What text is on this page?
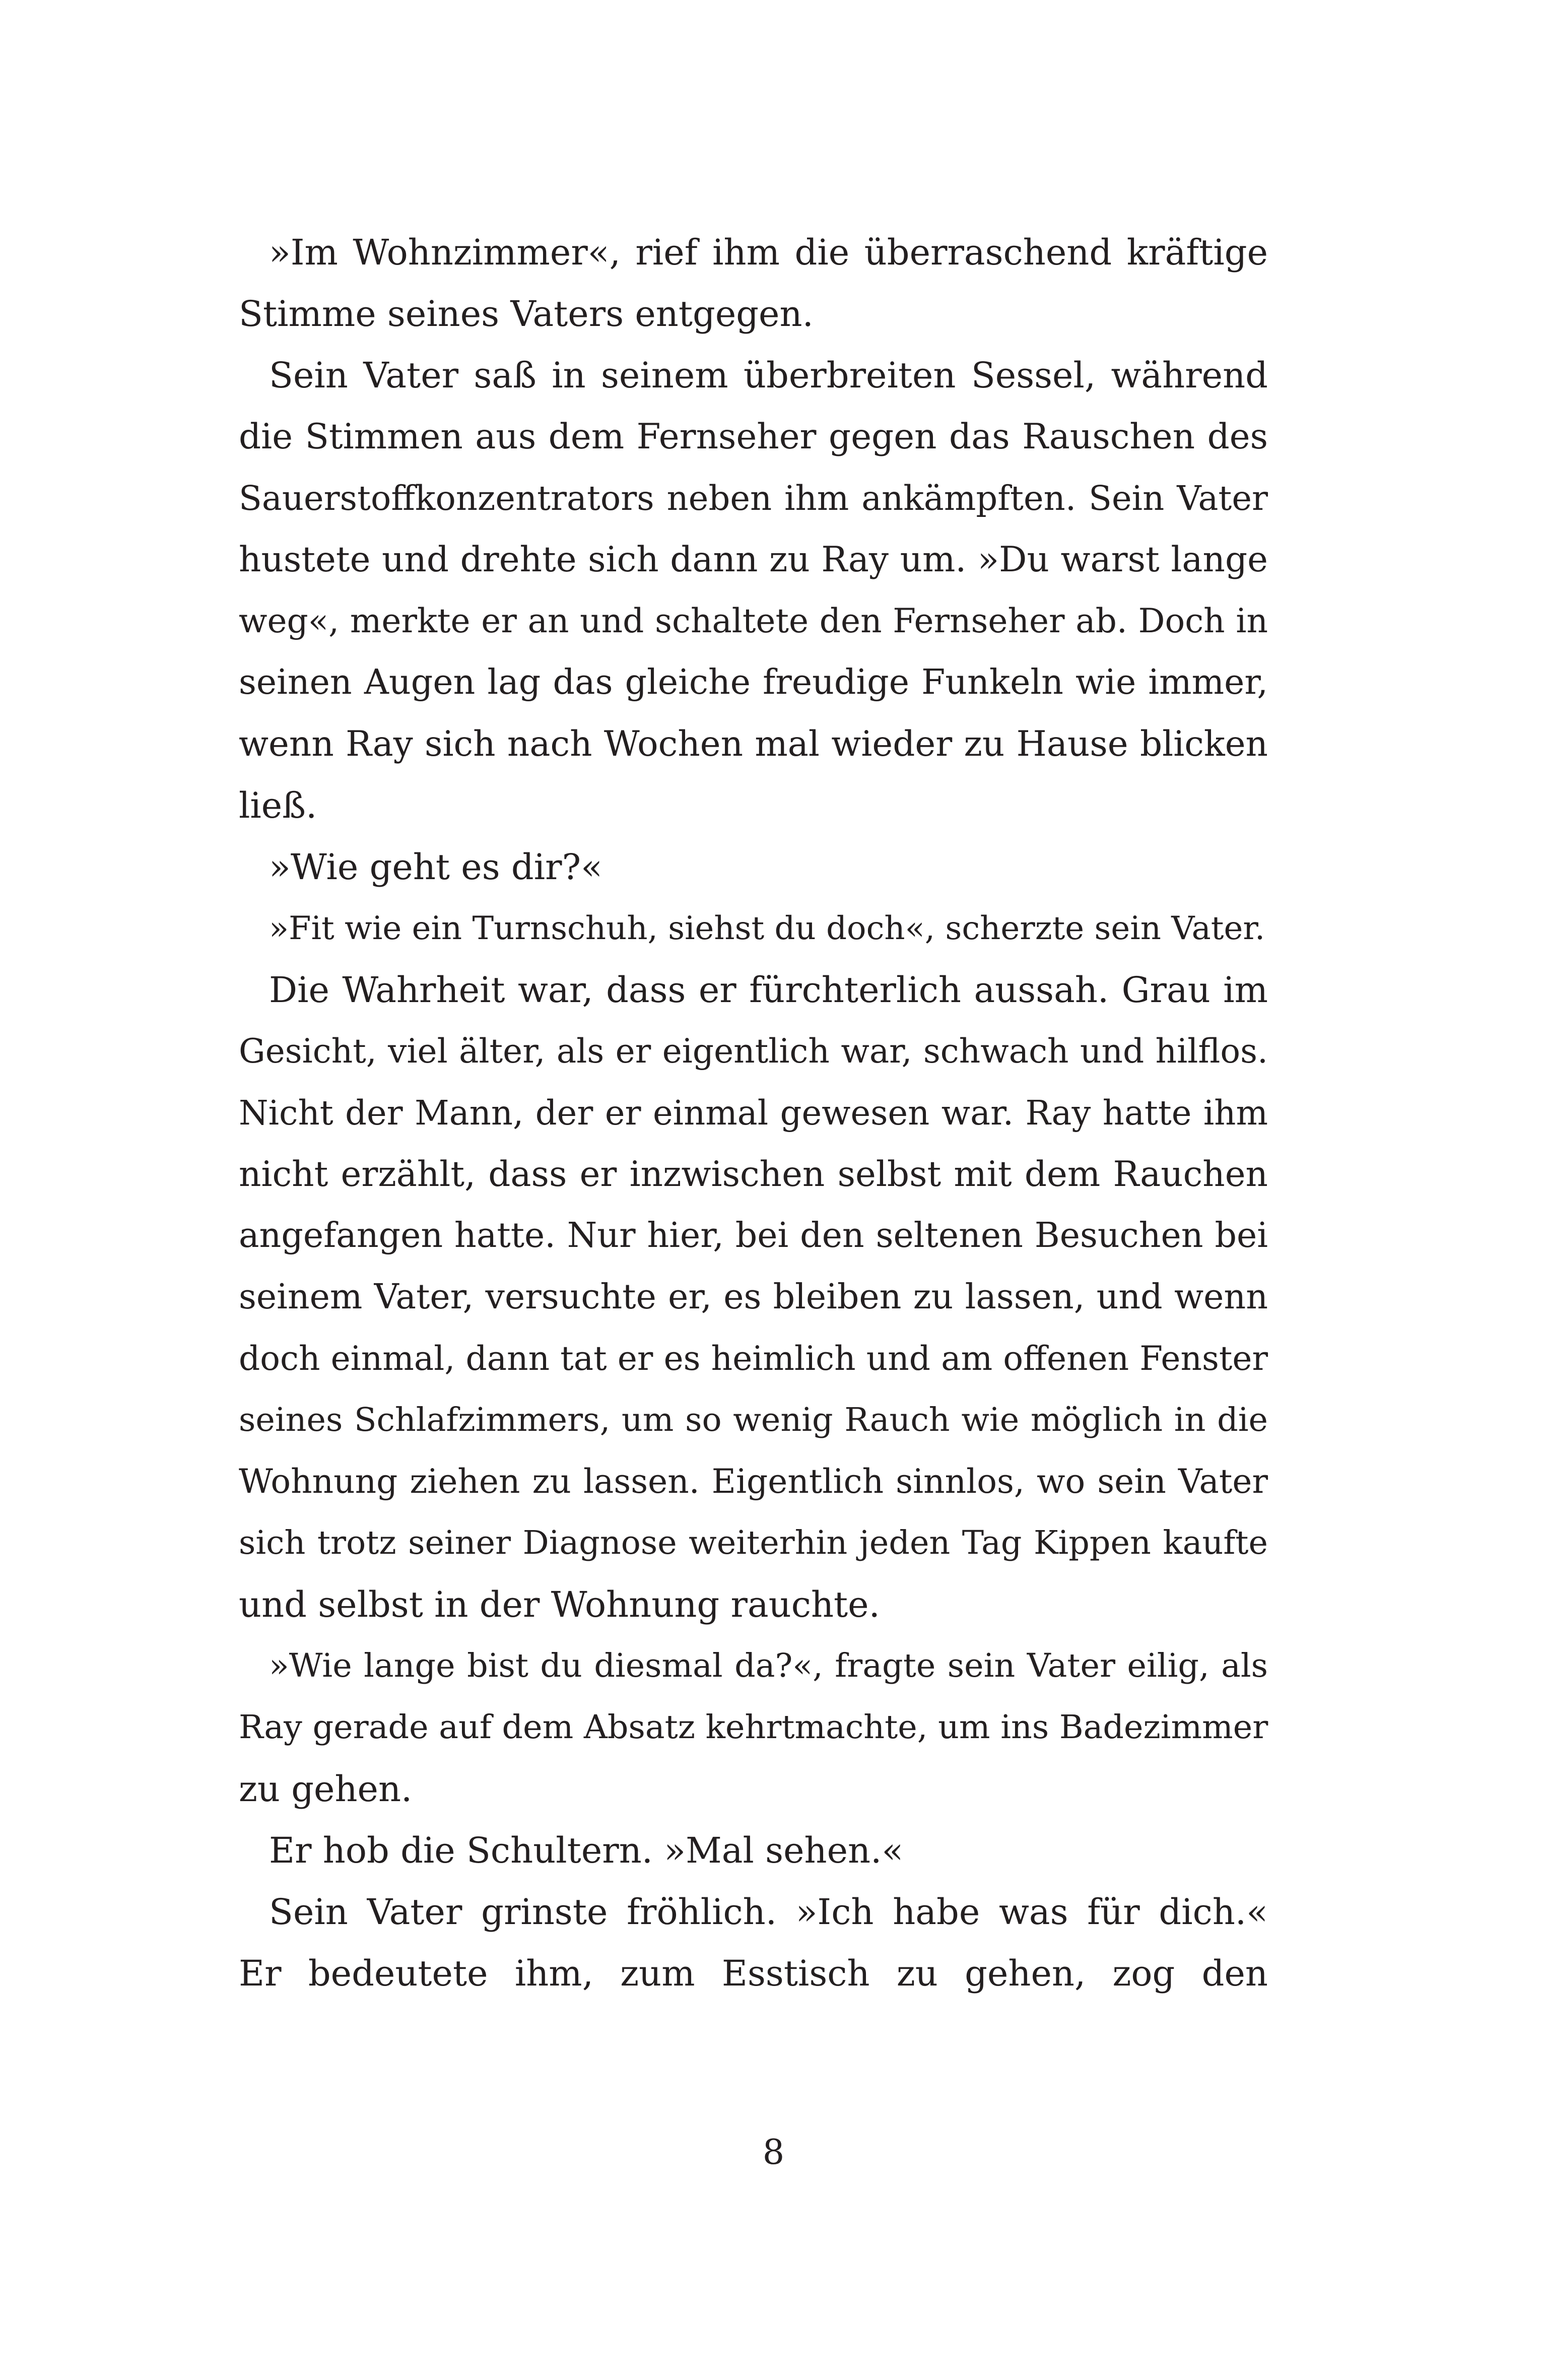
»Im Wohnzimmer«, rief ihm die überraschend kräftige
Stimme seines Vaters entgegen.
Sein Vater saß in seinem überbreiten Sessel, während
die Stimmen aus dem Fernseher gegen das Rauschen des
Sauerstoffkonzentrators neben ihm ankämpften. Sein Vater
hustete und drehte sich dann zu Ray um. »Du warst lange
weg«, merkte er an und schaltete den Fernseher ab. Doch in
seinen Augen lag das gleiche freudige Funkeln wie immer,
wenn Ray sich nach Wochen mal wieder zu Hause blicken
ließ.
»Wie geht es dir?«
»Fit wie ein Turnschuh, siehst du doch«, scherzte sein Vater.
Die Wahrheit war, dass er fürchterlich aussah. Grau im
Gesicht, viel älter, als er eigentlich war, schwach und hilflos.
Nicht der Mann, der er einmal gewesen war. Ray hatte ihm
nicht erzählt, dass er inzwischen selbst mit dem Rauchen
angefangen hatte. Nur hier, bei den seltenen Besuchen bei
seinem Vater, versuchte er, es bleiben zu lassen, und wenn
doch einmal, dann tat er es heimlich und am offenen Fenster
seines Schlafzimmers, um so wenig Rauch wie möglich in die
Wohnung ziehen zu lassen. Eigentlich sinnlos, wo sein Vater
sich trotz seiner Diagnose weiterhin jeden Tag Kippen kaufte
und selbst in der Wohnung rauchte.
»Wie lange bist du diesmal da?«, fragte sein Vater eilig, als
Ray gerade auf dem Absatz kehrtmachte, um ins Badezimmer
zu gehen.
Er hob die Schultern. »Mal sehen.«
Sein Vater grinste fröhlich. »Ich habe was für dich.«
Er bedeutete ihm, zum Esstisch zu gehen, zog den
8
